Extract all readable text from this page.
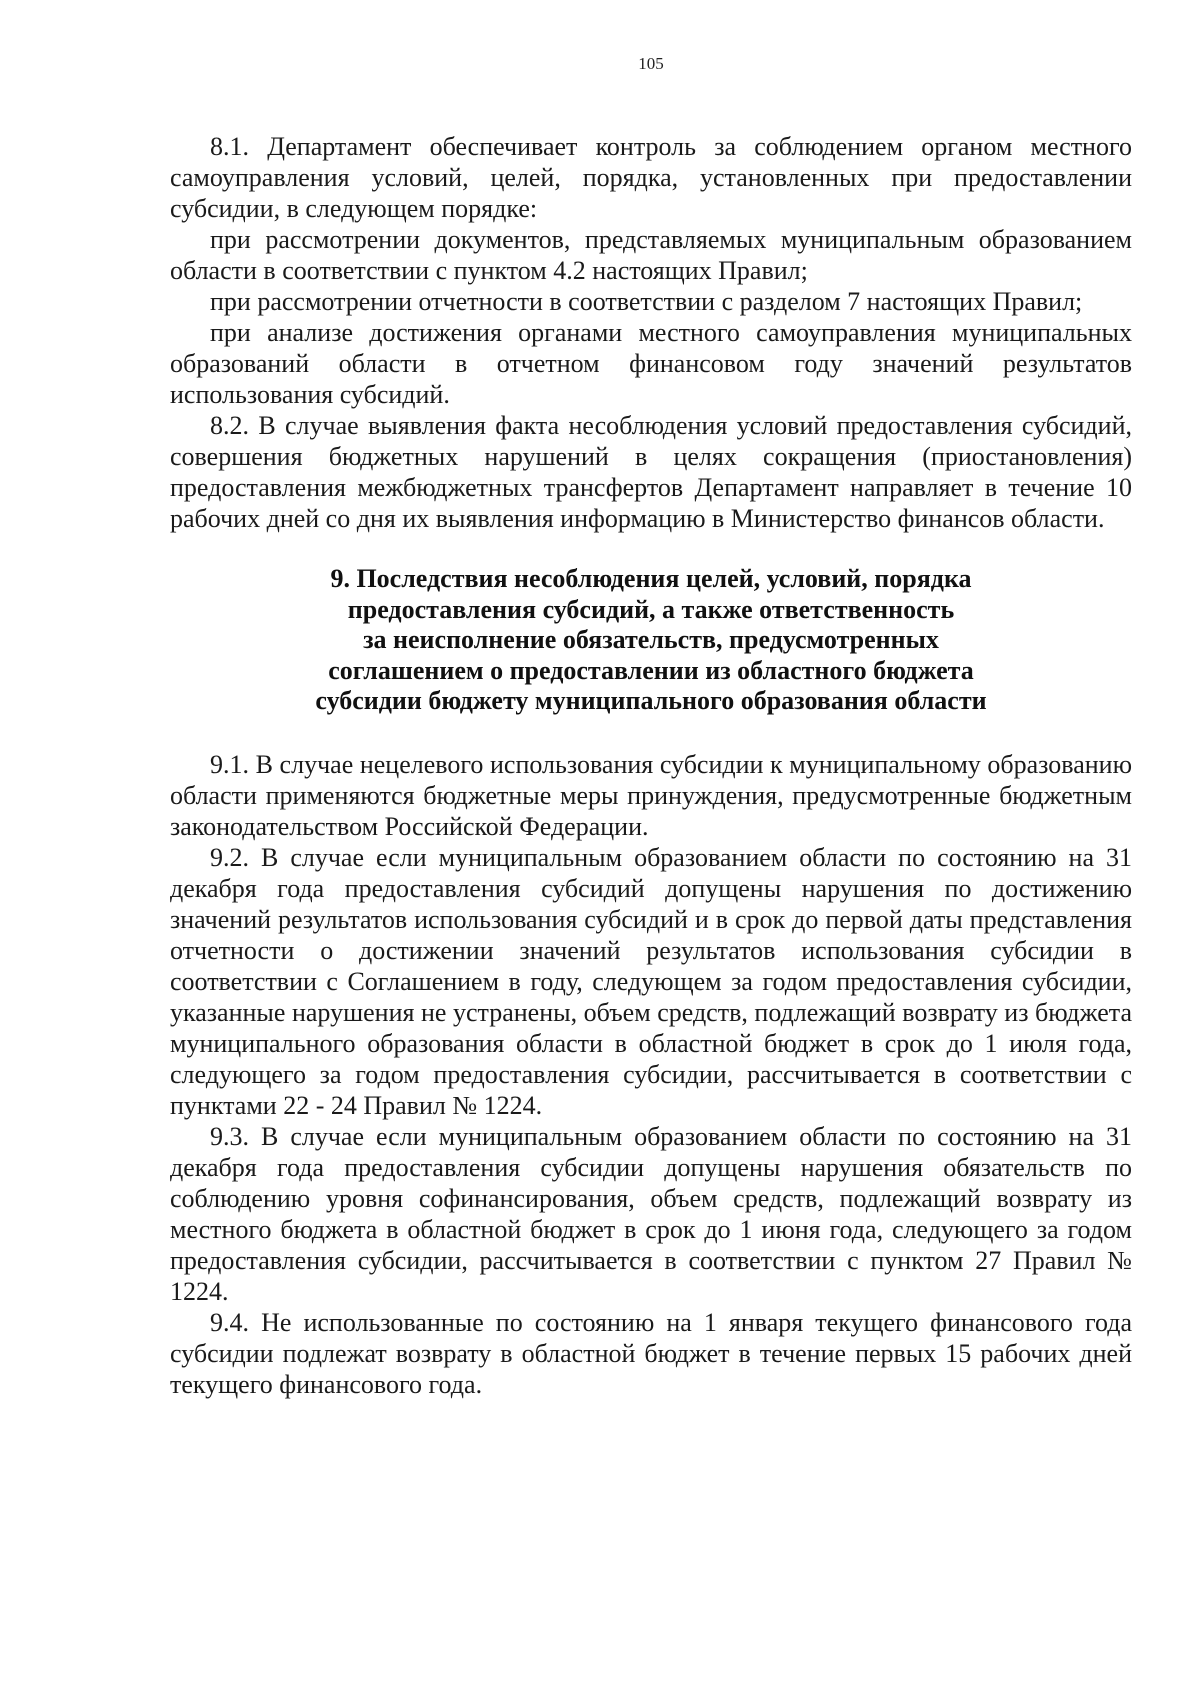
105

8.1. Департамент обеспечивает контроль за соблюдением органом местного самоуправления условий, целей, порядка, установленных при предоставлении субсидии, в следующем порядке:

при рассмотрении документов, представляемых муниципальным образованием области в соответствии с пунктом 4.2 настоящих Правил;

при рассмотрении отчетности в соответствии с разделом 7 настоящих Правил;

при анализе достижения органами местного самоуправления муниципальных образований области в отчетном финансовом году значений результатов использования субсидий.

8.2. В случае выявления факта несоблюдения условий предоставления субсидий, совершения бюджетных нарушений в целях сокращения (приостановления) предоставления межбюджетных трансфертов Департамент направляет в течение 10 рабочих дней со дня их выявления информацию в Министерство финансов области.

9. Последствия несоблюдения целей, условий, порядка
предоставления субсидий, а также ответственность
за неисполнение обязательств, предусмотренных
соглашением о предоставлении из областного бюджета
субсидии бюджету муниципального образования области

9.1. В случае нецелевого использования субсидии к муниципальному образованию области применяются бюджетные меры принуждения, предусмотренные бюджетным законодательством Российской Федерации.

9.2. В случае если муниципальным образованием области по состоянию на 31 декабря года предоставления субсидий допущены нарушения по достижению значений результатов использования субсидий и в срок до первой даты представления отчетности о достижении значений результатов использования субсидии в соответствии с Соглашением в году, следующем за годом предоставления субсидии, указанные нарушения не устранены, объем средств, подлежащий возврату из бюджета муниципального образования области в областной бюджет в срок до 1 июля года, следующего за годом предоставления субсидии, рассчитывается в соответствии с пунктами 22 - 24 Правил № 1224.

9.3. В случае если муниципальным образованием области по состоянию на 31 декабря года предоставления субсидии допущены нарушения обязательств по соблюдению уровня софинансирования, объем средств, подлежащий возврату из местного бюджета в областной бюджет в срок до 1 июня года, следующего за годом предоставления субсидии, рассчитывается в соответствии с пунктом 27 Правил № 1224.

9.4. Не использованные по состоянию на 1 января текущего финансового года субсидии подлежат возврату в областной бюджет в течение первых 15 рабочих дней текущего финансового года.
